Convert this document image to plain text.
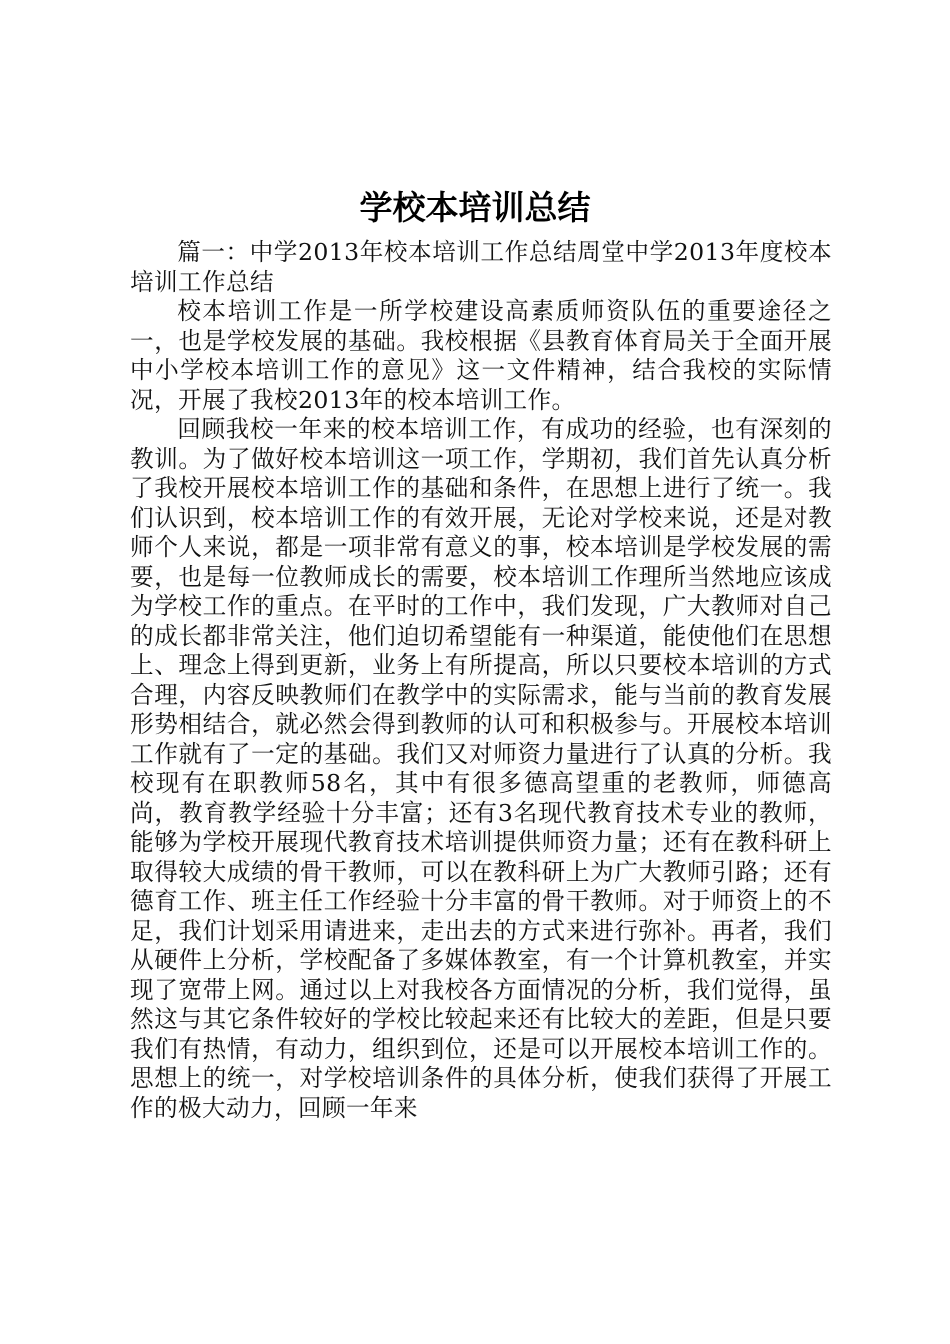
学校本培训总结

篇一：中学2013年校本培训工作总结周堂中学2013年度校本培训工作总结

校本培训工作是一所学校建设高素质师资队伍的重要途径之一，也是学校发展的基础。我校根据《县教育体育局关于全面开展中小学校本培训工作的意见》这一文件精神，结合我校的实际情况，开展了我校2013年的校本培训工作。

回顾我校一年来的校本培训工作，有成功的经验，也有深刻的教训。为了做好校本培训这一项工作，学期初，我们首先认真分析了我校开展校本培训工作的基础和条件，在思想上进行了统一。我们认识到，校本培训工作的有效开展，无论对学校来说，还是对教师个人来说，都是一项非常有意义的事，校本培训是学校发展的需要，也是每一位教师成长的需要，校本培训工作理所当然地应该成为学校工作的重点。在平时的工作中，我们发现，广大教师对自己的成长都非常关注，他们迫切希望能有一种渠道，能使他们在思想上、理念上得到更新，业务上有所提高，所以只要校本培训的方式合理，内容反映教师们在教学中的实际需求，能与当前的教育发展形势相结合，就必然会得到教师的认可和积极参与。开展校本培训工作就有了一定的基础。我们又对师资力量进行了认真的分析。我校现有在职教师58名，其中有很多德高望重的老教师，师德高尚，教育教学经验十分丰富；还有3名现代教育技术专业的教师，能够为学校开展现代教育技术培训提供师资力量；还有在教科研上取得较大成绩的骨干教师，可以在教科研上为广大教师引路；还有德育工作、班主任工作经验十分丰富的骨干教师。对于师资上的不足，我们计划采用请进来，走出去的方式来进行弥补。再者，我们从硬件上分析，学校配备了多媒体教室，有一个计算机教室，并实现了宽带上网。通过以上对我校各方面情况的分析，我们觉得，虽然这与其它条件较好的学校比较起来还有比较大的差距，但是只要我们有热情，有动力，组织到位，还是可以开展校本培训工作的。思想上的统一，对学校培训条件的具体分析，使我们获得了开展工作的极大动力，回顾一年来
